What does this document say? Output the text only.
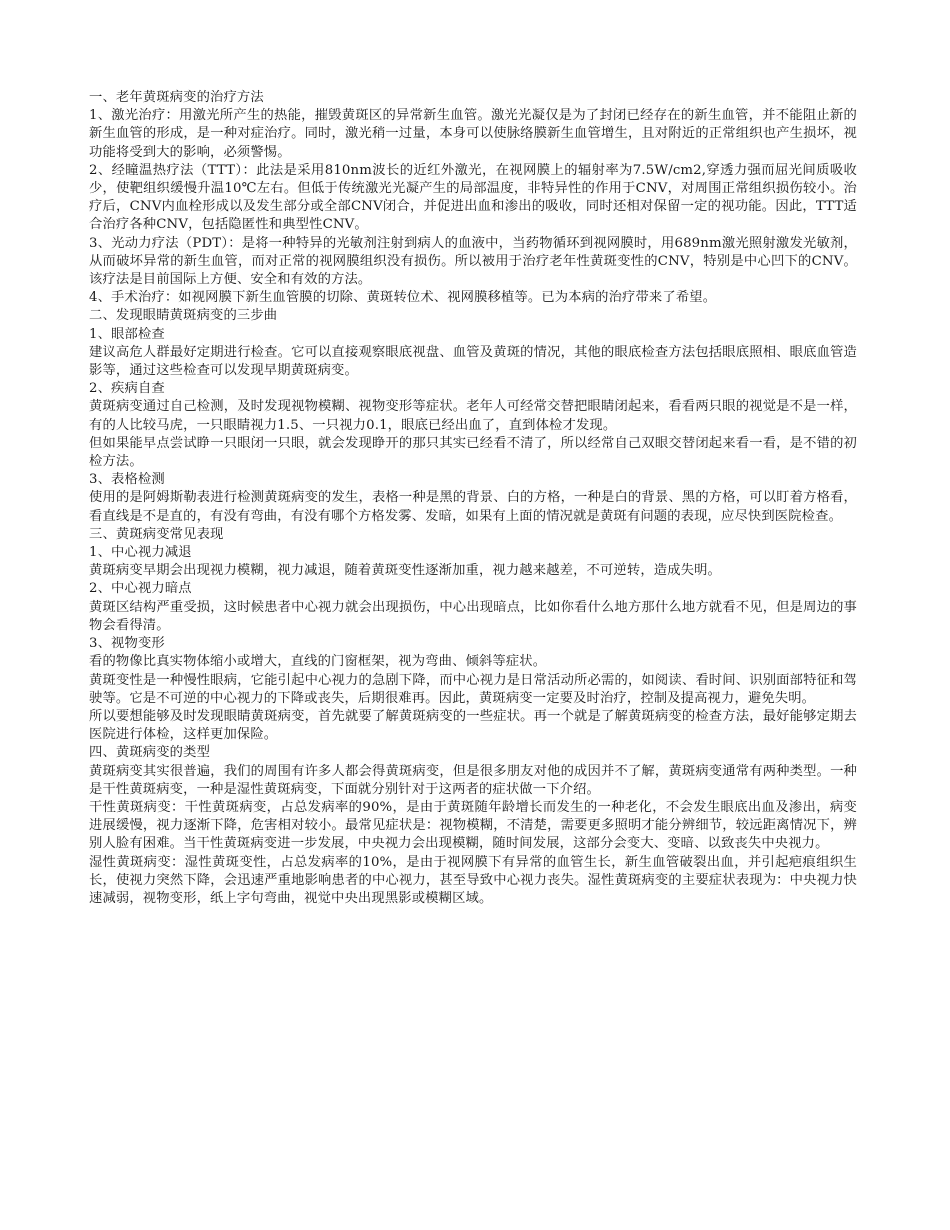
一、老年黄斑病变的治疗方法

1、激光治疗：用激光所产生的热能，摧毁黄斑区的异常新生血管。激光光凝仅是为了封闭已经存在的新生血管，并不能阻止新的新生血管的形成，是一种对症治疗。同时，激光稍一过量，本身可以使脉络膜新生血管增生，且对附近的正常组织也产生损坏，视功能将受到大的影响，必须警惕。

2、经瞳温热疗法（TTT）：此法是采用810nm波长的近红外激光，在视网膜上的辐射率为7.5W/cm2,穿透力强而屈光间质吸收少，使靶组织缓慢升温10℃左右。但低于传统激光光凝产生的局部温度，非特异性的作用于CNV，对周围正常组织损伤较小。治疗后，CNV内血栓形成以及发生部分或全部CNV闭合，并促进出血和渗出的吸收，同时还相对保留一定的视功能。因此，TTT适合治疗各种CNV，包括隐匿性和典型性CNV。

3、光动力疗法（PDT）：是将一种特异的光敏剂注射到病人的血液中，当药物循环到视网膜时，用689nm激光照射激发光敏剂，从而破坏异常的新生血管，而对正常的视网膜组织没有损伤。所以被用于治疗老年性黄斑变性的CNV，特别是中心凹下的CNV。该疗法是目前国际上方便、安全和有效的方法。

4、手术治疗：如视网膜下新生血管膜的切除、黄斑转位术、视网膜移植等。已为本病的治疗带来了希望。

二、发现眼睛黄斑病变的三步曲

1、眼部检查

建议高危人群最好定期进行检查。它可以直接观察眼底视盘、血管及黄斑的情况，其他的眼底检查方法包括眼底照相、眼底血管造影等，通过这些检查可以发现早期黄斑病变。

2、疾病自查

黄斑病变通过自己检测，及时发现视物模糊、视物变形等症状。老年人可经常交替把眼睛闭起来，看看两只眼的视觉是不是一样，有的人比较马虎，一只眼睛视力1.5、一只视力0.1，眼底已经出血了，直到体检才发现。

但如果能早点尝试睁一只眼闭一只眼，就会发现睁开的那只其实已经看不清了，所以经常自己双眼交替闭起来看一看，是不错的初检方法。

3、表格检测

使用的是阿姆斯勒表进行检测黄斑病变的发生，表格一种是黑的背景、白的方格，一种是白的背景、黑的方格，可以盯着方格看，看直线是不是直的，有没有弯曲，有没有哪个方格发雾、发暗，如果有上面的情况就是黄斑有问题的表现，应尽快到医院检查。

三、黄斑病变常见表现

1、中心视力减退

黄斑病变早期会出现视力模糊，视力减退，随着黄斑变性逐渐加重，视力越来越差，不可逆转，造成失明。

2、中心视力暗点

黄斑区结构严重受损，这时候患者中心视力就会出现损伤，中心出现暗点，比如你看什么地方那什么地方就看不见，但是周边的事物会看得清。

3、视物变形

看的物像比真实物体缩小或增大，直线的门窗框架，视为弯曲、倾斜等症状。

黄斑变性是一种慢性眼病，它能引起中心视力的急剧下降，而中心视力是日常活动所必需的，如阅读、看时间、识别面部特征和驾驶等。它是不可逆的中心视力的下降或丧失，后期很难再。因此，黄斑病变一定要及时治疗，控制及提高视力，避免失明。

所以要想能够及时发现眼睛黄斑病变，首先就要了解黄斑病变的一些症状。再一个就是了解黄斑病变的检查方法，最好能够定期去医院进行体检，这样更加保险。

四、黄斑病变的类型

黄斑病变其实很普遍，我们的周围有许多人都会得黄斑病变，但是很多朋友对他的成因并不了解，黄斑病变通常有两种类型。一种是干性黄斑病变，一种是湿性黄斑病变，下面就分别针对于这两者的症状做一下介绍。

干性黄斑病变：干性黄斑病变，占总发病率的90%，是由于黄斑随年龄增长而发生的一种老化，不会发生眼底出血及渗出，病变进展缓慢，视力逐渐下降，危害相对较小。最常见症状是：视物模糊，不清楚，需要更多照明才能分辨细节，较远距离情况下，辨别人脸有困难。当干性黄斑病变进一步发展，中央视力会出现模糊，随时间发展，这部分会变大、变暗、以致丧失中央视力。

湿性黄斑病变：湿性黄斑变性，占总发病率的10%，是由于视网膜下有异常的血管生长，新生血管破裂出血，并引起疤痕组织生长，使视力突然下降，会迅速严重地影响患者的中心视力，甚至导致中心视力丧失。湿性黄斑病变的主要症状表现为：中央视力快速减弱，视物变形，纸上字句弯曲，视觉中央出现黑影或模糊区域。
